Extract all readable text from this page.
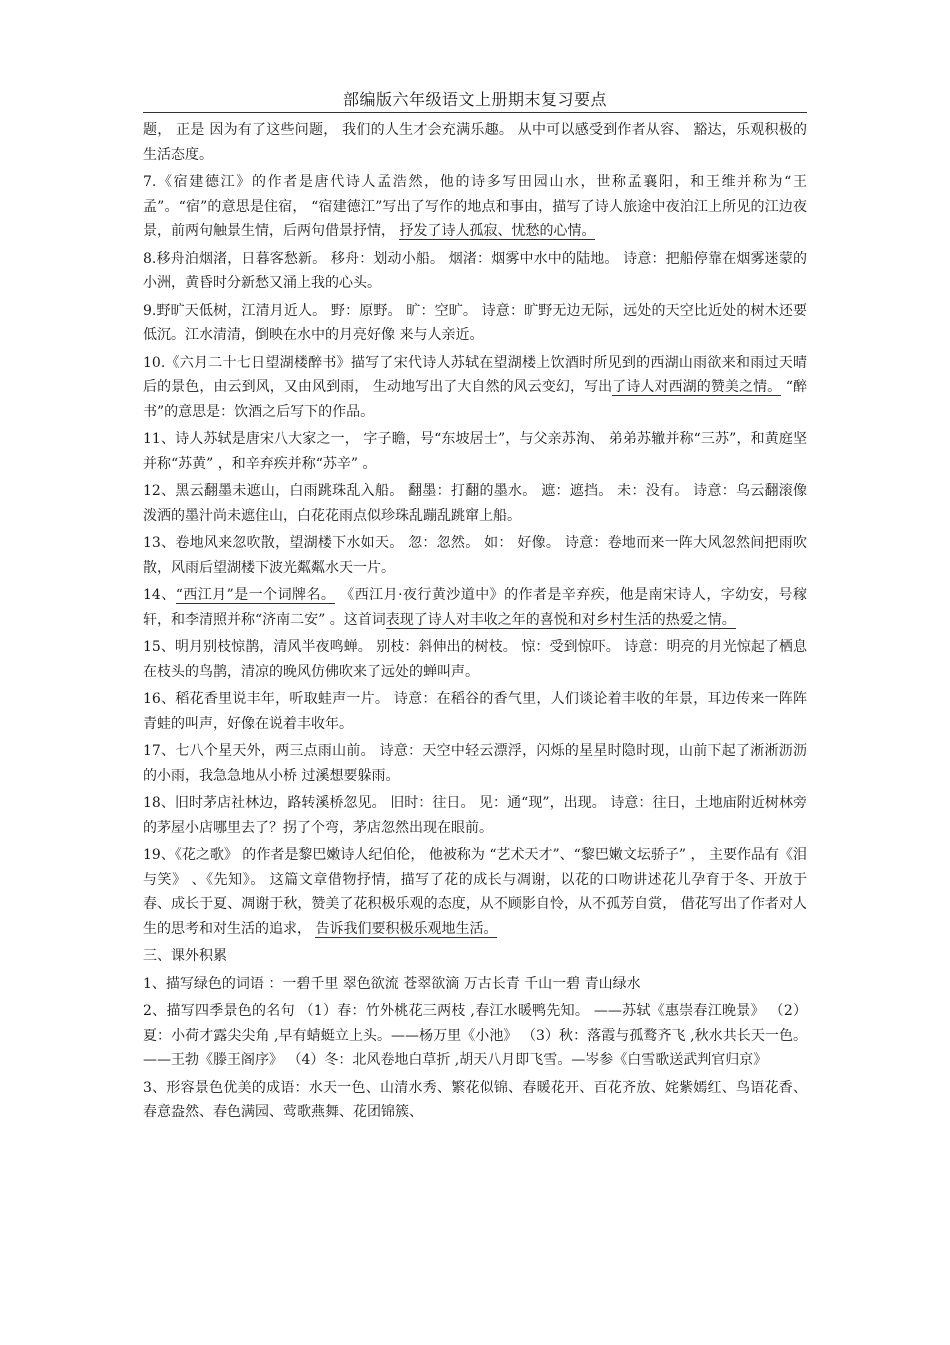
部编版六年级语文上册期末复习要点

题， 正是 因为有了这些问题， 我们的人生才会充满乐趣。 从中可以感受到作者从容、 豁达，乐观积极的 生活态度。

7.《宿建德江》的作者是唐代诗人孟浩然，他的诗多写田园山水，世称孟襄阳，和王维并称为“王孟”。“宿”的意思是住宿， “宿建德江”写出了写作的地点和事由，描写了诗人旅途中夜泊江上所见的江边夜景，前两句触景生情，后两句借景抒情， 抒发了诗人孤寂、忧愁的心情。

8.移舟泊烟渚，日暮客愁新。 移舟：划动小船。 烟渚：烟雾中水中的陆地。 诗意：把船停靠在烟雾迷蒙的小洲，黄昏时分新愁又涌上我的心头。

9.野旷天低树，江清月近人。 野：原野。 旷：空旷。 诗意：旷野无边无际，远处的天空比近处的树木还要低沉。江水清清，倒映在水中的月亮好像 来与人亲近。

10.《六月二十七日望湖楼醉书》描写了宋代诗人苏轼在望湖楼上饮酒时所见到的西湖山雨欲来和雨过天晴后的景色，由云到风，又由风到雨， 生动地写出了大自然的风云变幻，写出了诗人对西湖的赞美之情。 “醉书”的意思是：饮酒之后写下的作品。

11、诗人苏轼是唐宋八大家之一， 字子瞻，号“东坡居士”，与父亲苏洵、 弟弟苏辙并称“三苏”，和黄庭坚并称“苏黄” ，和辛弃疾并称“苏辛” 。

12、黑云翻墨未遮山，白雨跳珠乱入船。 翻墨：打翻的墨水。 遮：遮挡。 未：没有。 诗意：乌云翻滚像泼洒的墨汁尚未遮住山，白花花雨点似珍珠乱蹦乱跳窜上船。

13、卷地风来忽吹散，望湖楼下水如天。 忽：忽然。 如： 好像。 诗意：卷地而来一阵大风忽然间把雨吹散，风雨后望湖楼下波光粼粼水天一片。

14、“西江月”是一个词牌名。 《西江月·夜行黄沙道中》的作者是辛弃疾，他是南宋诗人，字幼安，号稼轩，和李清照并称“济南二安” 。这首词表现了诗人对丰收之年的喜悦和对乡村生活的热爱之情。

15、明月别枝惊鹊，清风半夜鸣蝉。 别枝：斜伸出的树枝。 惊：受到惊吓。 诗意：明亮的月光惊起了栖息在枝头的鸟鹊，清凉的晚风仿佛吹来了远处的蝉叫声。

16、稻花香里说丰年，听取蛙声一片。 诗意：在稻谷的香气里，人们谈论着丰收的年景，耳边传来一阵阵青蛙的叫声，好像在说着丰收年。

17、七八个星天外，两三点雨山前。 诗意：天空中轻云漂浮，闪烁的星星时隐时现，山前下起了淅淅沥沥的小雨，我急急地从小桥 过溪想要躲雨。

18、旧时茅店社林边，路转溪桥忽见。 旧时：往日。 见：通“现”，出现。 诗意：往日，土地庙附近树林旁的茅屋小店哪里去了？拐了个弯，茅店忽然出现在眼前。

19、《花之歌》 的作者是黎巴嫩诗人纪伯伦， 他被称为 “艺术天才”、“黎巴嫩文坛骄子” ， 主要作品有《泪与笑》 、《先知》。 这篇文章借物抒情，描写了花的成长与凋谢，以花的口吻讲述花儿孕育于冬、开放于春、成长于夏、凋谢于秋，赞美了花积极乐观的态度，从不顾影自怜，从不孤芳自赏， 借花写出了作者对人生的思考和对生活的追求， 告诉我们要积极乐观地生活。

三、课外积累

1、描写绿色的词语 ：一碧千里 翠色欲流 苍翠欲滴 万古长青 千山一碧 青山绿水

2、描写四季景色的名句 （1）春：竹外桃花三两枝 ,春江水暖鸭先知。 ——苏轼《惠崇春江晚景》 （2）夏：小荷才露尖尖角 ,早有蜻蜓立上头。——杨万里《小池》 （3）秋：落霞与孤鹜齐飞 ,秋水共长天一色。——王勃《滕王阁序》 （4）冬：北风卷地白草折 ,胡天八月即飞雪。—岑参《白雪歌送武判官归京》

3、形容景色优美的成语：水天一色、山清水秀、繁花似锦、春暖花开、百花齐放、姹紫嫣红、鸟语花香、春意盎然、春色满园、莺歌燕舞、花团锦簇、
